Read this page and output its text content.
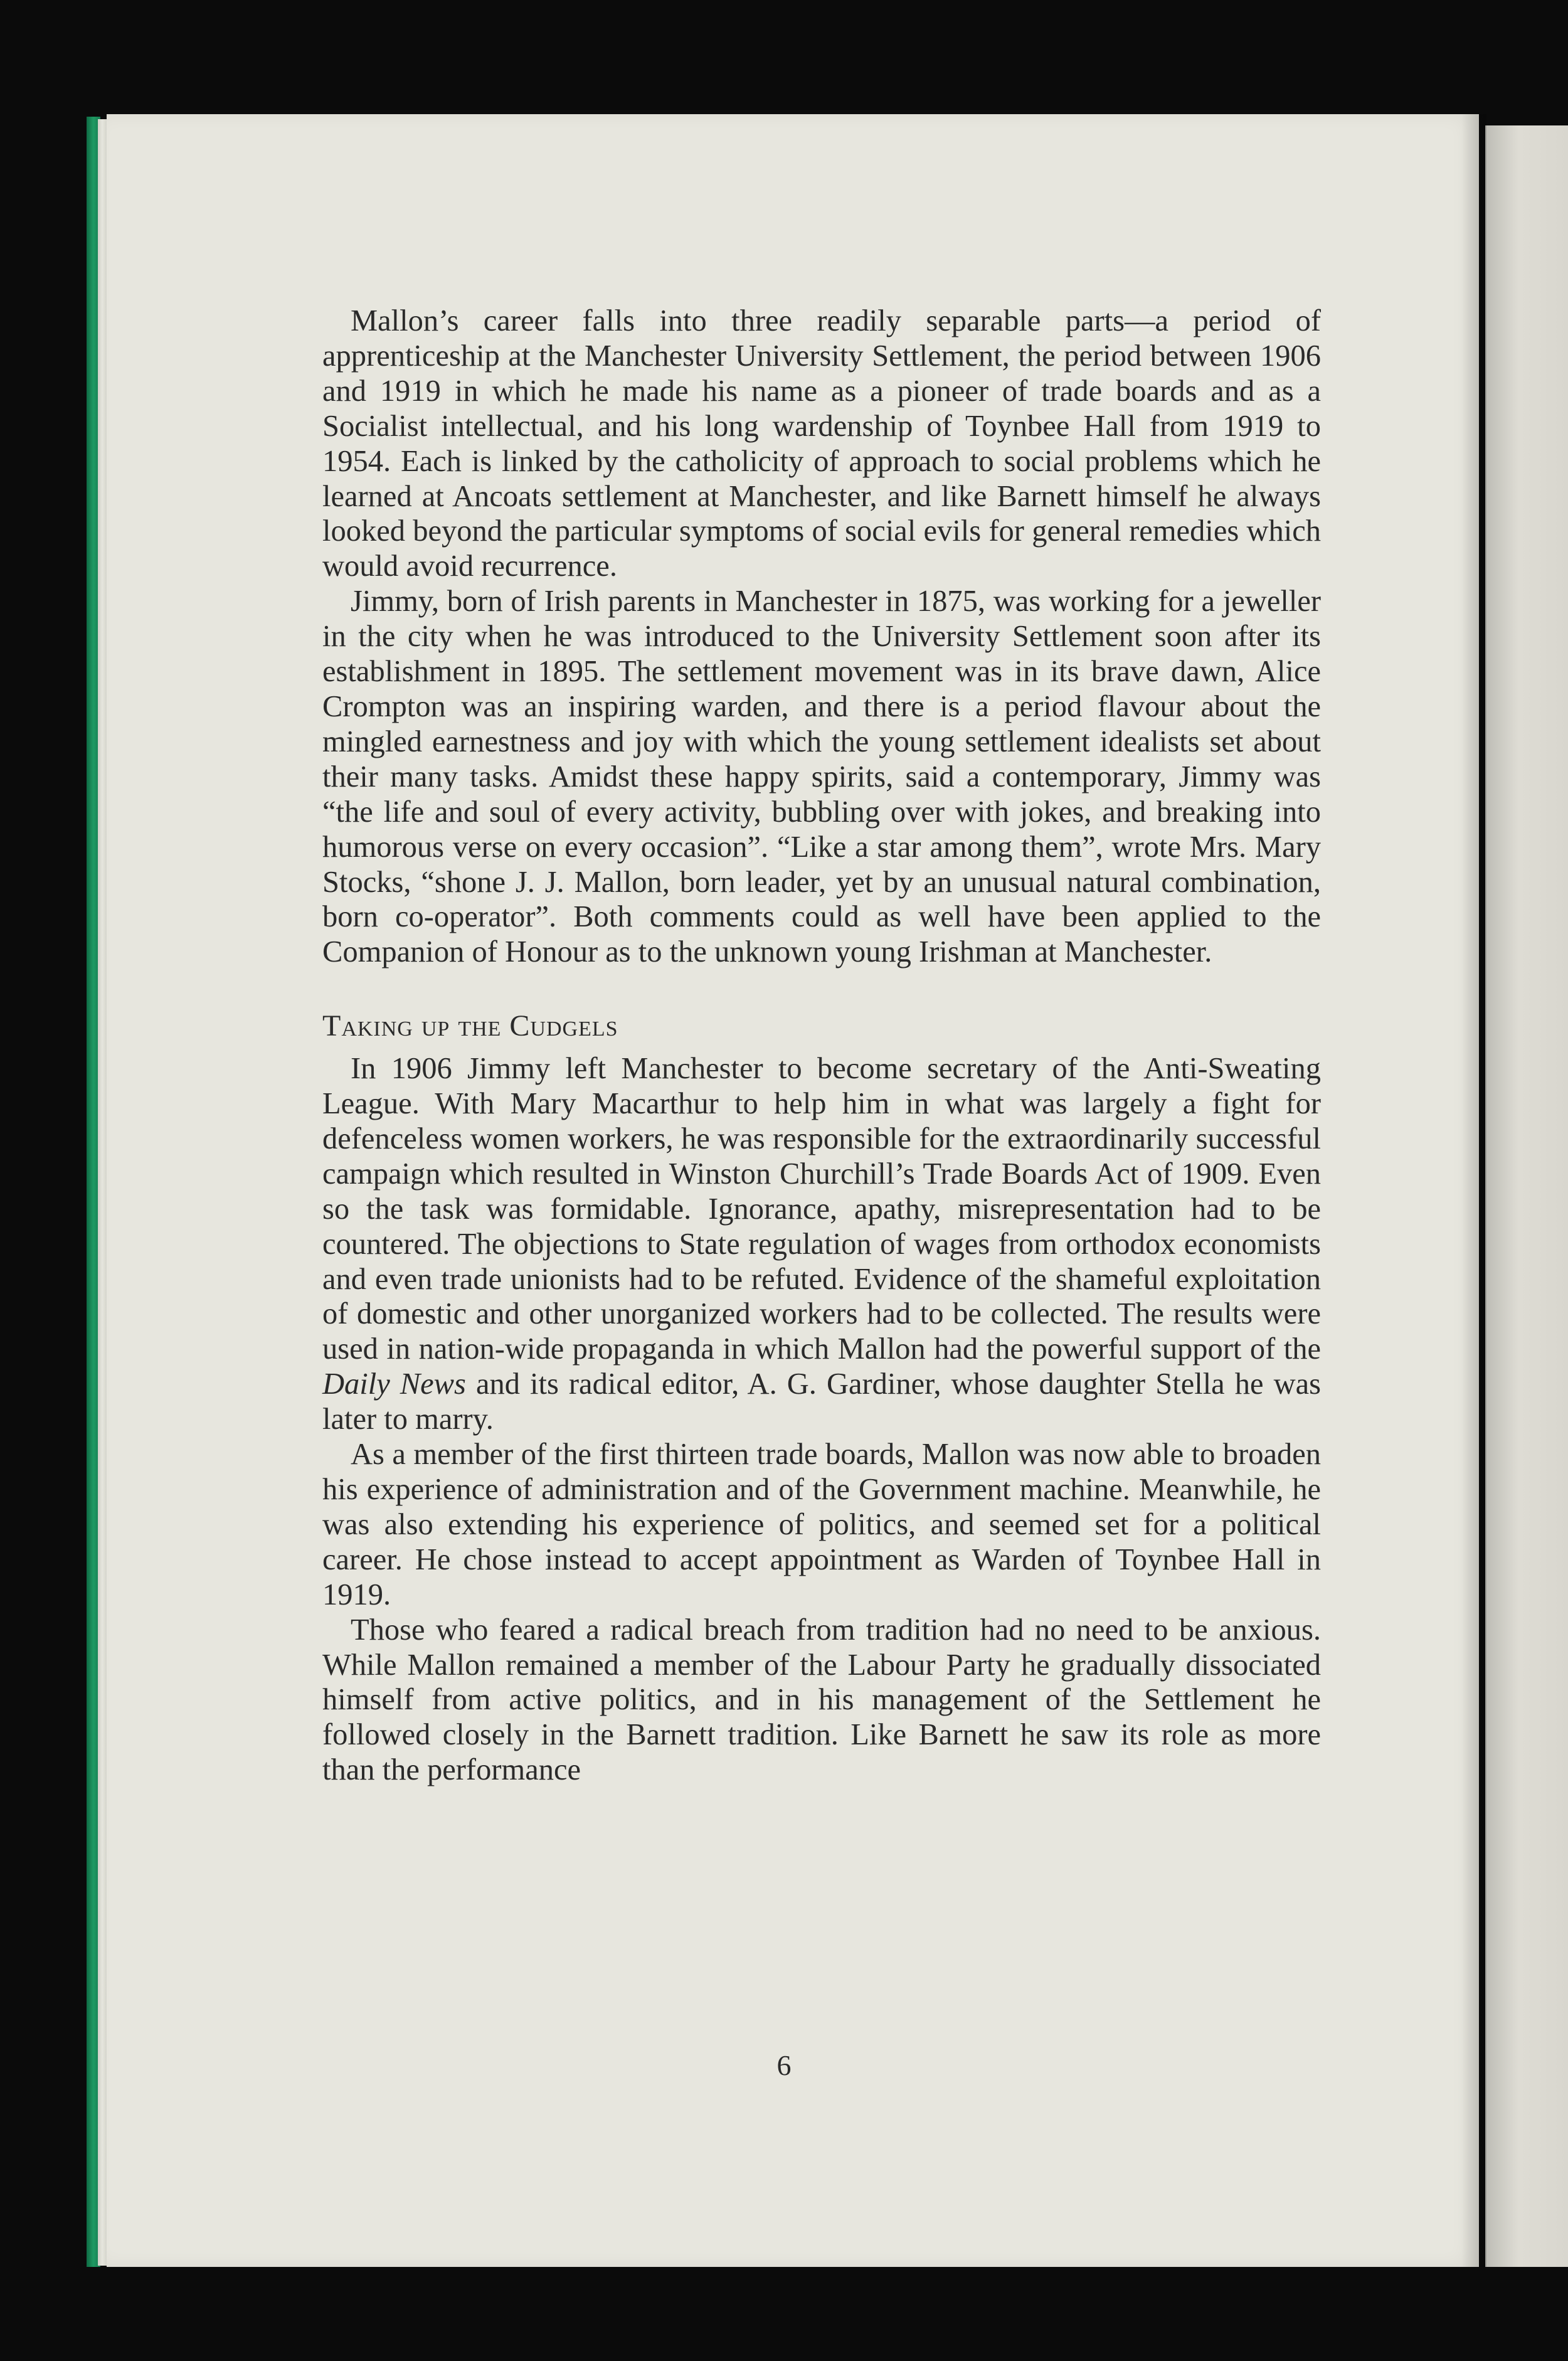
Mallon’s career falls into three readily separable parts—a period of apprenticeship at the Manchester University Settlement, the period between 1906 and 1919 in which he made his name as a pioneer of trade boards and as a Socialist intellectual, and his long wardenship of Toynbee Hall from 1919 to 1954. Each is linked by the catholicity of approach to social problems which he learned at Ancoats settlement at Manchester, and like Barnett himself he always looked beyond the particular symptoms of social evils for general remedies which would avoid recurrence.

Jimmy, born of Irish parents in Manchester in 1875, was working for a jeweller in the city when he was introduced to the University Settlement soon after its establishment in 1895. The settlement movement was in its brave dawn, Alice Crompton was an inspiring warden, and there is a period flavour about the mingled earnestness and joy with which the young settlement idealists set about their many tasks. Amidst these happy spirits, said a contemporary, Jimmy was “the life and soul of every activity, bubbling over with jokes, and breaking into humorous verse on every occasion”. “Like a star among them”, wrote Mrs. Mary Stocks, “shone J. J. Mallon, born leader, yet by an unusual natural combination, born co-operator”. Both comments could as well have been applied to the Companion of Honour as to the unknown young Irishman at Manchester.

Taking up the Cudgels

In 1906 Jimmy left Manchester to become secretary of the Anti-Sweating League. With Mary Macarthur to help him in what was largely a fight for defenceless women workers, he was responsible for the extraordinarily successful campaign which resulted in Winston Churchill’s Trade Boards Act of 1909. Even so the task was formidable. Ignorance, apathy, misrepresentation had to be countered. The objections to State regulation of wages from orthodox economists and even trade unionists had to be refuted. Evidence of the shameful exploitation of domestic and other unorganized workers had to be collected. The results were used in nation-wide propaganda in which Mallon had the powerful support of the Daily News and its radical editor, A. G. Gardiner, whose daughter Stella he was later to marry.

As a member of the first thirteen trade boards, Mallon was now able to broaden his experience of administration and of the Government machine. Meanwhile, he was also extending his experience of politics, and seemed set for a political career. He chose instead to accept appointment as Warden of Toynbee Hall in 1919.

Those who feared a radical breach from tradition had no need to be anxious. While Mallon remained a member of the Labour Party he gradually dissociated himself from active politics, and in his management of the Settlement he followed closely in the Barnett tradition. Like Barnett he saw its role as more than the performance

6
